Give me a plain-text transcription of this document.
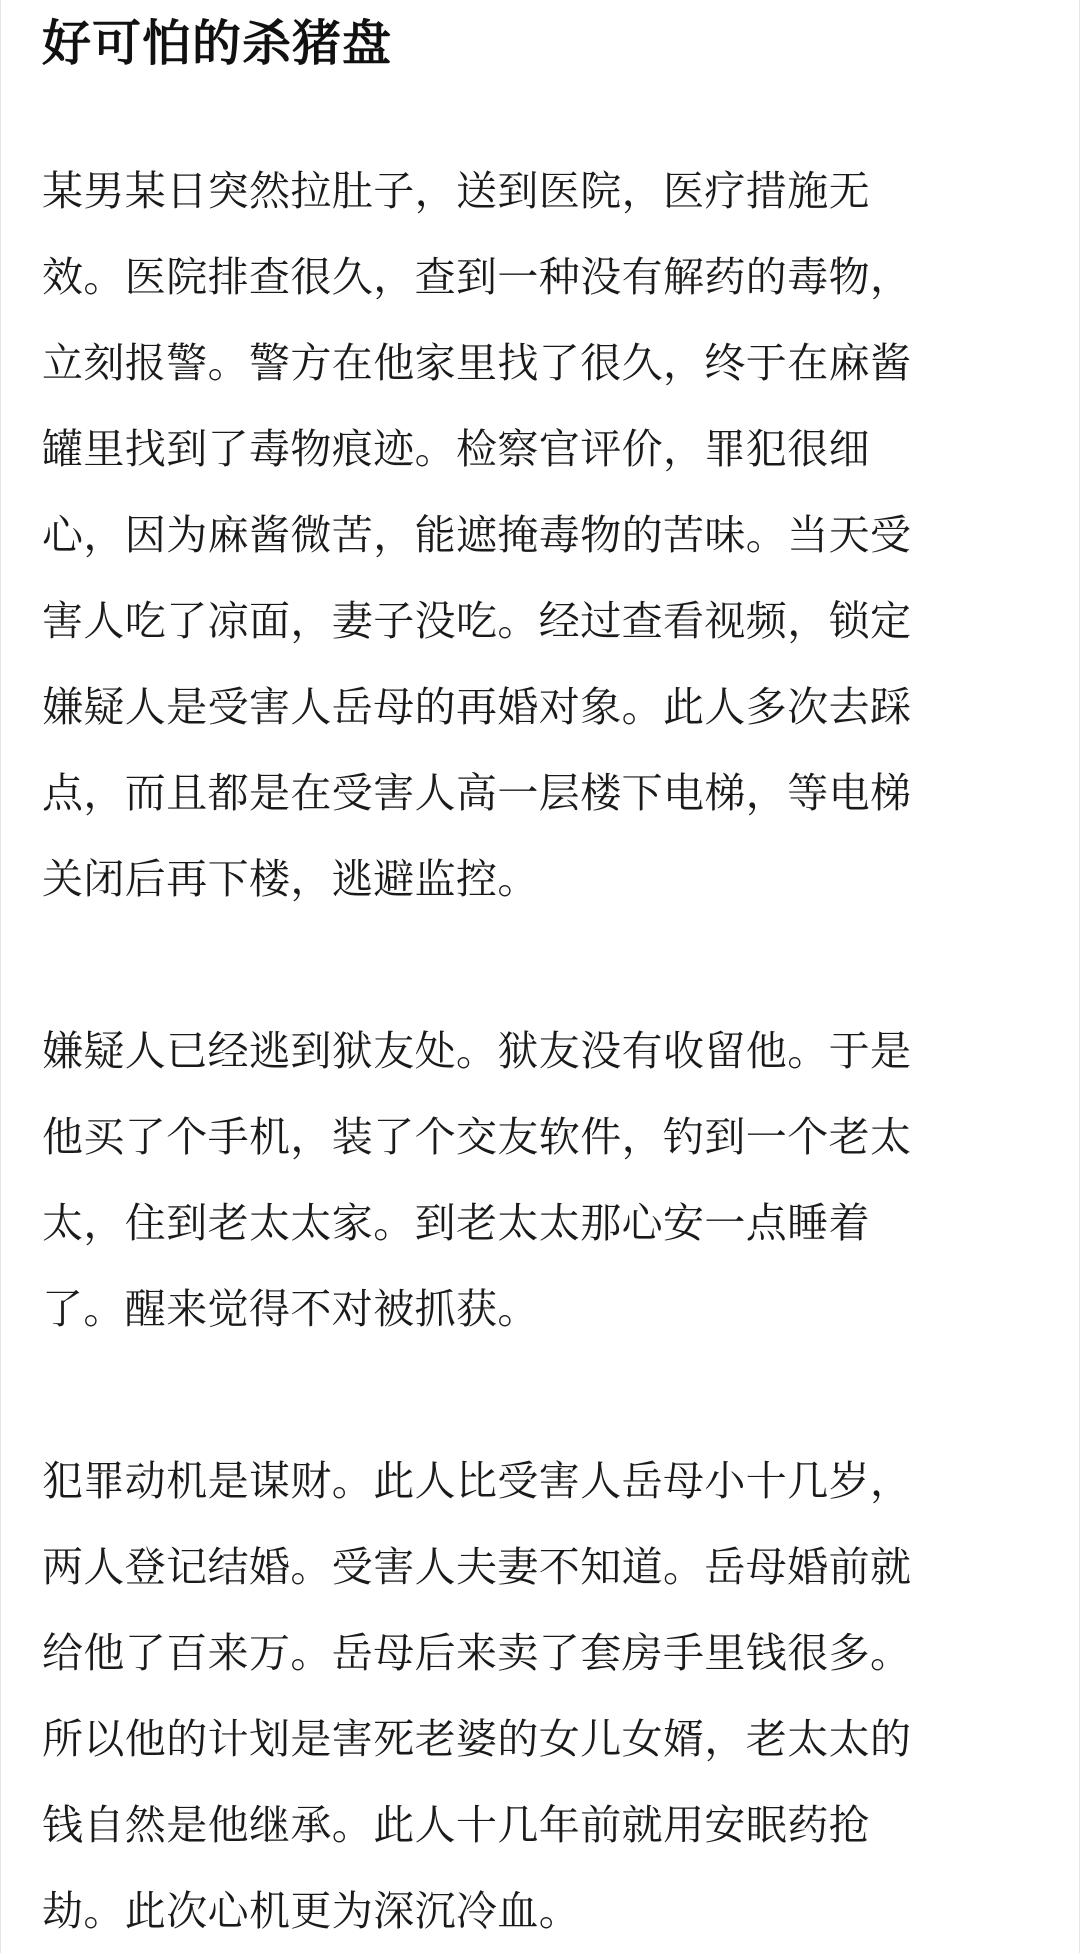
好可怕的杀猪盘

某男某日突然拉肚子，送到医院，医疗措施无
效。医院排查很久，查到一种没有解药的毒物，
立刻报警。警方在他家里找了很久，终于在麻酱
罐里找到了毒物痕迹。检察官评价，罪犯很细
心，因为麻酱微苦，能遮掩毒物的苦味。当天受
害人吃了凉面，妻子没吃。经过查看视频，锁定
嫌疑人是受害人岳母的再婚对象。此人多次去踩
点，而且都是在受害人高一层楼下电梯，等电梯
关闭后再下楼，逃避监控。

嫌疑人已经逃到狱友处。狱友没有收留他。于是
他买了个手机，装了个交友软件，钓到一个老太
太，住到老太太家。到老太太那心安一点睡着
了。醒来觉得不对被抓获。

犯罪动机是谋财。此人比受害人岳母小十几岁，
两人登记结婚。受害人夫妻不知道。岳母婚前就
给他了百来万。岳母后来卖了套房手里钱很多。
所以他的计划是害死老婆的女儿女婿，老太太的
钱自然是他继承。此人十几年前就用安眠药抢
劫。此次心机更为深沉冷血。
